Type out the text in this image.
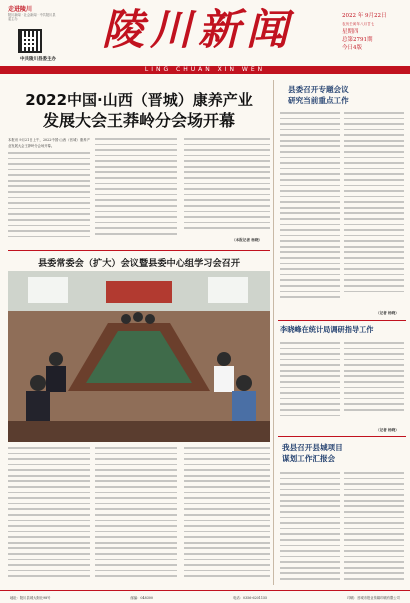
走进陵川
陵川新闻 · 社会新闻 · 中共陵川县委主办
中共陵川县委主办
陵川新闻	2022 年 9月22日
农历壬寅年八月廿七
星期四
总第2791期
今日4版
LING CHUAN XIN WEN
2022中国·山西（晋城）康养产业
发展大会王莽岭分会场开幕
本报讯 9月21日上午，2022中国·山西（晋城）康养产业发展大会王莽岭分会场开幕。
（本报记者 杨晓）
县委常委会（扩大）会议暨县委中心组学习会召开
县委召开专题会议
研究当前重点工作
（记者 杨晓）
李晓峰在统计局调研指导工作
（记者 杨晓）
我县召开县城项目
谋划工作汇报会
地址：陵川县城大街北98号	邮编：048300	电话：0356-6201155	印刷：晋城市报业传媒印刷有限公司
